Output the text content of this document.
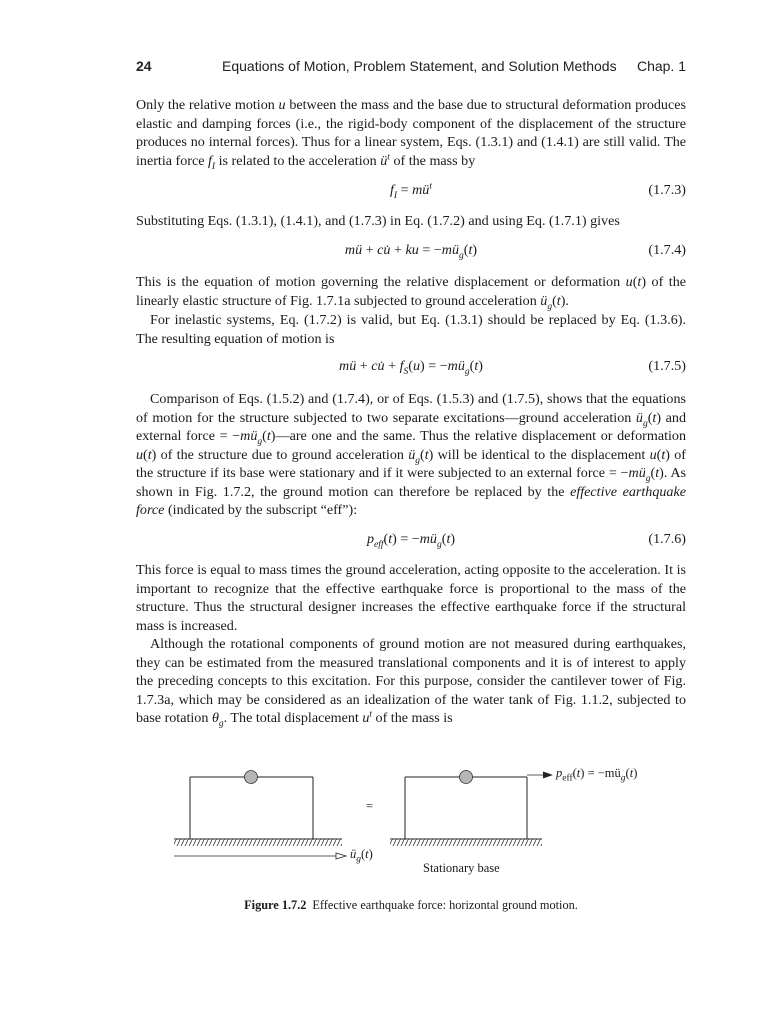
24	Equations of Motion, Problem Statement, and Solution Methods Chap. 1

Only the relative motion u between the mass and the base due to structural deformation produces elastic and damping forces (i.e., the rigid-body component of the displacement of the structure produces no internal forces). Thus for a linear system, Eqs. (1.3.1) and (1.4.1) are still valid. The inertia force $f_I$ is related to the acceleration $ü^t$ of the mass by

$f_I$ = $mü^t$	(1.7.3)

Substituting Eqs. (1.3.1), (1.4.1), and (1.7.3) in Eq. (1.7.2) and using Eq. (1.7.1) gives

mü + cu̇ + ku = $-mü_g(t)$	(1.7.4)

This is the equation of motion governing the relative displacement or deformation u(t) of the linearly elastic structure of Fig. 1.7.1a subjected to ground acceleration $ü_g(t)$.

For inelastic systems, Eq. (1.7.2) is valid, but Eq. (1.3.1) should be replaced by Eq. (1.3.6). The resulting equation of motion is

mü + cu̇ + $f_S(u)$ = $-mü_g(t)$	(1.7.5)

Comparison of Eqs. (1.5.2) and (1.7.4), or of Eqs. (1.5.3) and (1.7.5), shows that the equations of motion for the structure subjected to two separate excitations—ground acceleration $ü_g(t)$ and external force = $-mü_g(t)—are$ one and the same. Thus the relative displacement or deformation u(t) of the structure due to ground acceleration $ü_g(t)$ will be identical to the displacement u(t) of the structure if its base were stationary and if it were subjected to an external force = $-mü_g(t)$. As shown in Fig. 1.7.2, the ground motion can therefore be replaced by the effective earthquake force (indicated by the subscript “eff”):

$p_{eff}(t)$ = $-mü_g(t)$	(1.7.6)

This force is equal to mass times the ground acceleration, acting opposite to the acceleration. It is important to recognize that the effective earthquake force is proportional to the mass of the structure. Thus the structural designer increases the effective earthquake force if the structural mass is increased.

Although the rotational components of ground motion are not measured during earthquakes, they can be estimated from the measured translational components and it is of interest to apply the preceding concepts to this excitation. For this purpose, consider the cantilever tower of Fig. 1.7.3a, which may be considered as an idealization of the water tank of Fig. 1.1.2, subjected to base rotation $\theta_g$. The total displacement $u^t$ of the mass is

=
$ü_g(t)$
Stationary base
$p_{eff}(t)$ = $-mü_g(t)$
Figure 1.7.2 Effective earthquake force: horizontal ground motion.
